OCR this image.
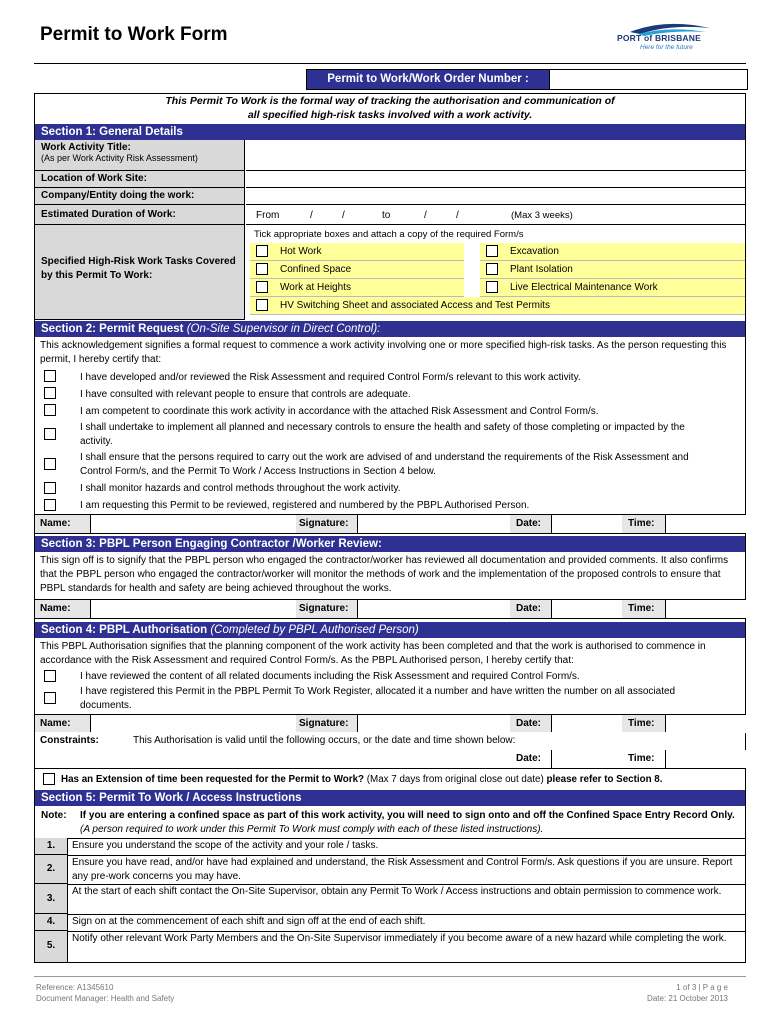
Permit to Work Form	PORT of BRISBANE
Here for the future
Permit to Work/Work Order Number :
This Permit To Work is the formal way of tracking the authorisation and communication of
all specified high-risk tasks involved with a work activity.
Section 1: General Details
Work Activity Title:
(As per Work Activity Risk Assessment)
Location of Work Site:
Company/Entity doing the work:
Estimated Duration of Work:	From	/	/	to	/	/	(Max 3 weeks)
Specified High-Risk Work Tasks Covered by this Permit To Work:
Tick appropriate boxes and attach a copy of the required Form/s
Hot Work	Excavation
Confined Space	Plant Isolation
Work at Heights	Live Electrical Maintenance Work
HV Switching Sheet and associated Access and Test Permits
Section 2: Permit Request (On-Site Supervisor in Direct Control):
This acknowledgement signifies a formal request to commence a work activity involving one or more specified high-risk tasks. As the person requesting this permit, I hereby certify that:
I have developed and/or reviewed the Risk Assessment and required Control Form/s relevant to this work activity.
I have consulted with relevant people to ensure that controls are adequate.
I am competent to coordinate this work activity in accordance with the attached Risk Assessment and Control Form/s.
I shall undertake to implement all planned and necessary controls to ensure the health and safety of those completing or impacted by the activity.
I shall ensure that the persons required to carry out the work are advised of and understand the requirements of the Risk Assessment and Control Form/s, and the Permit To Work / Access Instructions in Section 4 below.
I shall monitor hazards and control methods throughout the work activity.
I am requesting this Permit to be reviewed, registered and numbered by the PBPL Authorised Person.
Name:	Signature:	Date:	Time:
Section 3: PBPL Person Engaging Contractor /Worker Review:
This sign off is to signify that the PBPL person who engaged the contractor/worker has reviewed all documentation and provided comments. It also confirms that the PBPL person who engaged the contractor/worker will monitor the methods of work and the implementation of the proposed controls to ensure that PBPL standards for health and safety are being achieved throughout the works.
Name:	Signature:	Date:	Time:
Section 4: PBPL Authorisation (Completed by PBPL Authorised Person)
This PBPL Authorisation signifies that the planning component of the work activity has been completed and that the work is authorised to commence in accordance with the Risk Assessment and required Control Form/s. As the PBPL Authorised person, I hereby certify that:
I have reviewed the content of all related documents including the Risk Assessment and required Control Form/s.
I have registered this Permit in the PBPL Permit To Work Register, allocated it a number and have written the number on all associated documents.
Name:	Signature:	Date:	Time:
Constraints:	This Authorisation is valid until the following occurs, or the date and time shown below:
Date:	Time:
Has an Extension of time been requested for the Permit to Work? (Max 7 days from original close out date) please refer to Section 8.
Section 5: Permit To Work / Access Instructions
Note: If you are entering a confined space as part of this work activity, you will need to sign onto and off the Confined Space Entry Record Only. (A person required to work under this Permit To Work must comply with each of these listed instructions).
1.	Ensure you understand the scope of the activity and your role / tasks.
2.
Ensure you have read, and/or have had explained and understand, the Risk Assessment and Control Form/s. Ask questions if you are unsure. Report any pre-work concerns you may have.
3.
At the start of each shift contact the On-Site Supervisor, obtain any Permit To Work / Access instructions and obtain permission to commence work.
4.	Sign on at the commencement of each shift and sign off at the end of each shift.
5.
Notify other relevant Work Party Members and the On-Site Supervisor immediately if you become aware of a new hazard while completing the work.
Reference: A1345610
Document Manager: Health and Safety
1 of 3 | P a g e
Date: 21 October 2013
